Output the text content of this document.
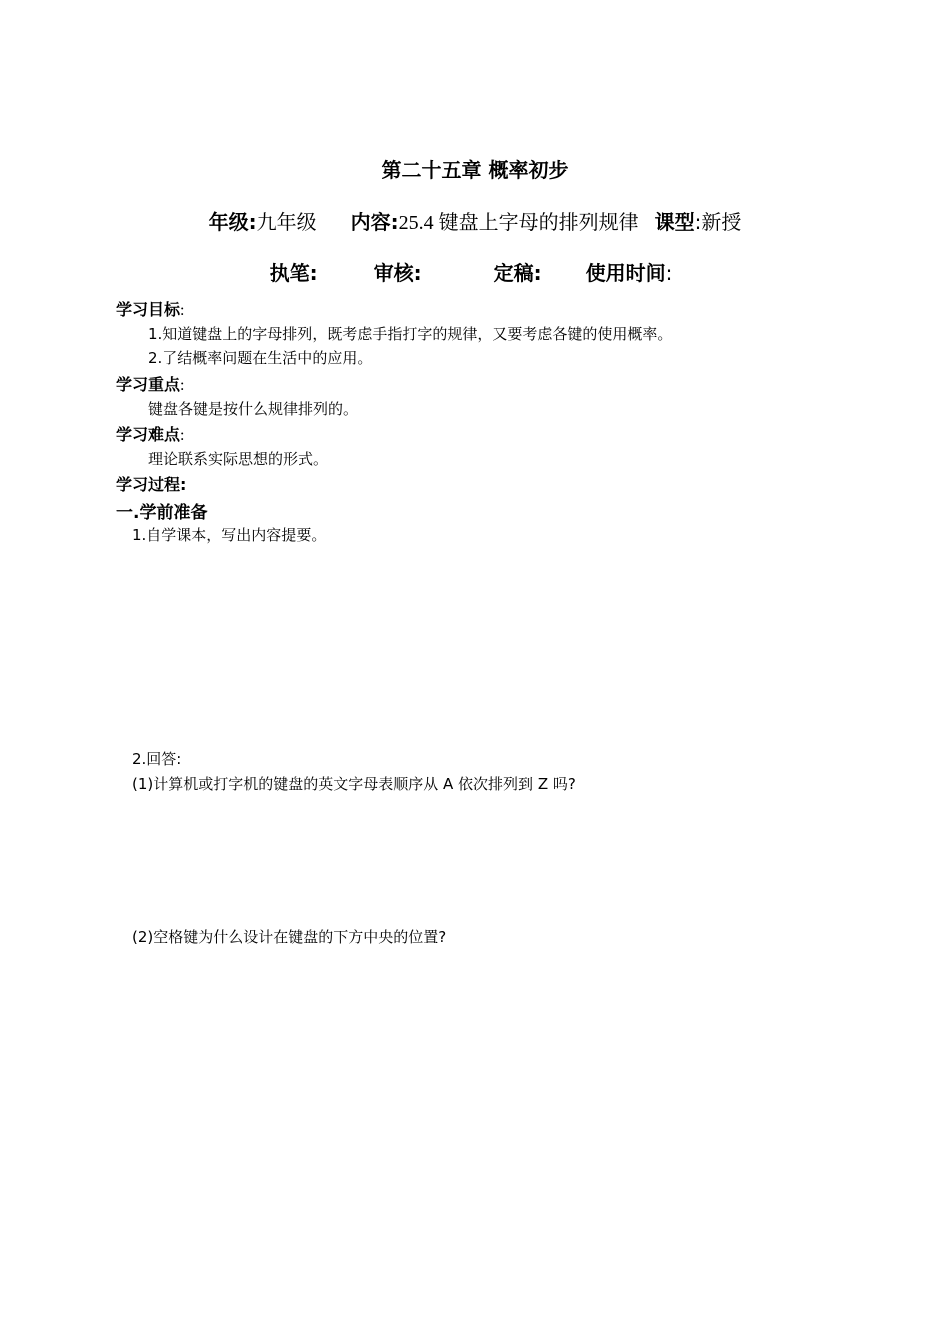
第二十五章 概率初步
年级:九年级 内容:25.4 键盘上字母的排列规律 课型:新授
执笔:	审核:	定稿: 使用时间:
学习目标:
1.知道键盘上的字母排列，既考虑手指打字的规律，又要考虑各键的使用概率。
2.了结概率问题在生活中的应用。
学习重点:
键盘各键是按什么规律排列的。
学习难点:
理论联系实际思想的形式。
学习过程:
一.学前准备
1.自学课本，写出内容提要。
2.回答:
(1)计算机或打字机的键盘的英文字母表顺序从 A 依次排列到 Z 吗?
(2)空格键为什么设计在键盘的下方中央的位置?
